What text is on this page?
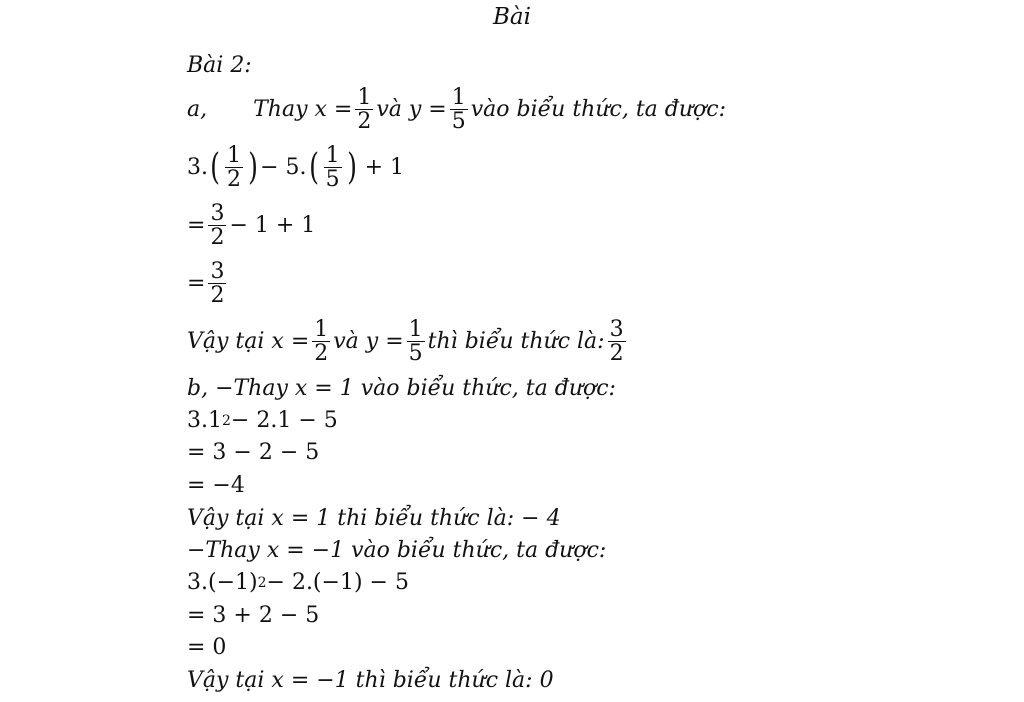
Bài
Bài 2:
a, Thay $x = \frac{1}{2}$ và $y = \frac{1}{5}$ vào biểu thức, ta được:
3. ( $\frac{1}{2}$ ) − 5. ( $\frac{1}{5}$ ) + 1
= $\frac{3}{2} - 1 + 1$
= $\frac{3}{2}$
Vậy tại $x = \frac{1}{2}$ và $y = \frac{1}{5}$ thì biểu thức là: $\frac{3}{2}$
b, −Thay x = 1 vào biểu thức, ta được:
3.1 2 − 2.1 − 5
= 3 − 2 − 5
= −4
Vậy tại x = 1 thi biểu thức là: − 4
−Thay x = −1 vào biểu thức, ta được:
3.(−1) 2 − 2.(−1) − 5
= 3 + 2 − 5
= 0
Vậy tại x = −1 thì biểu thức là: 0
